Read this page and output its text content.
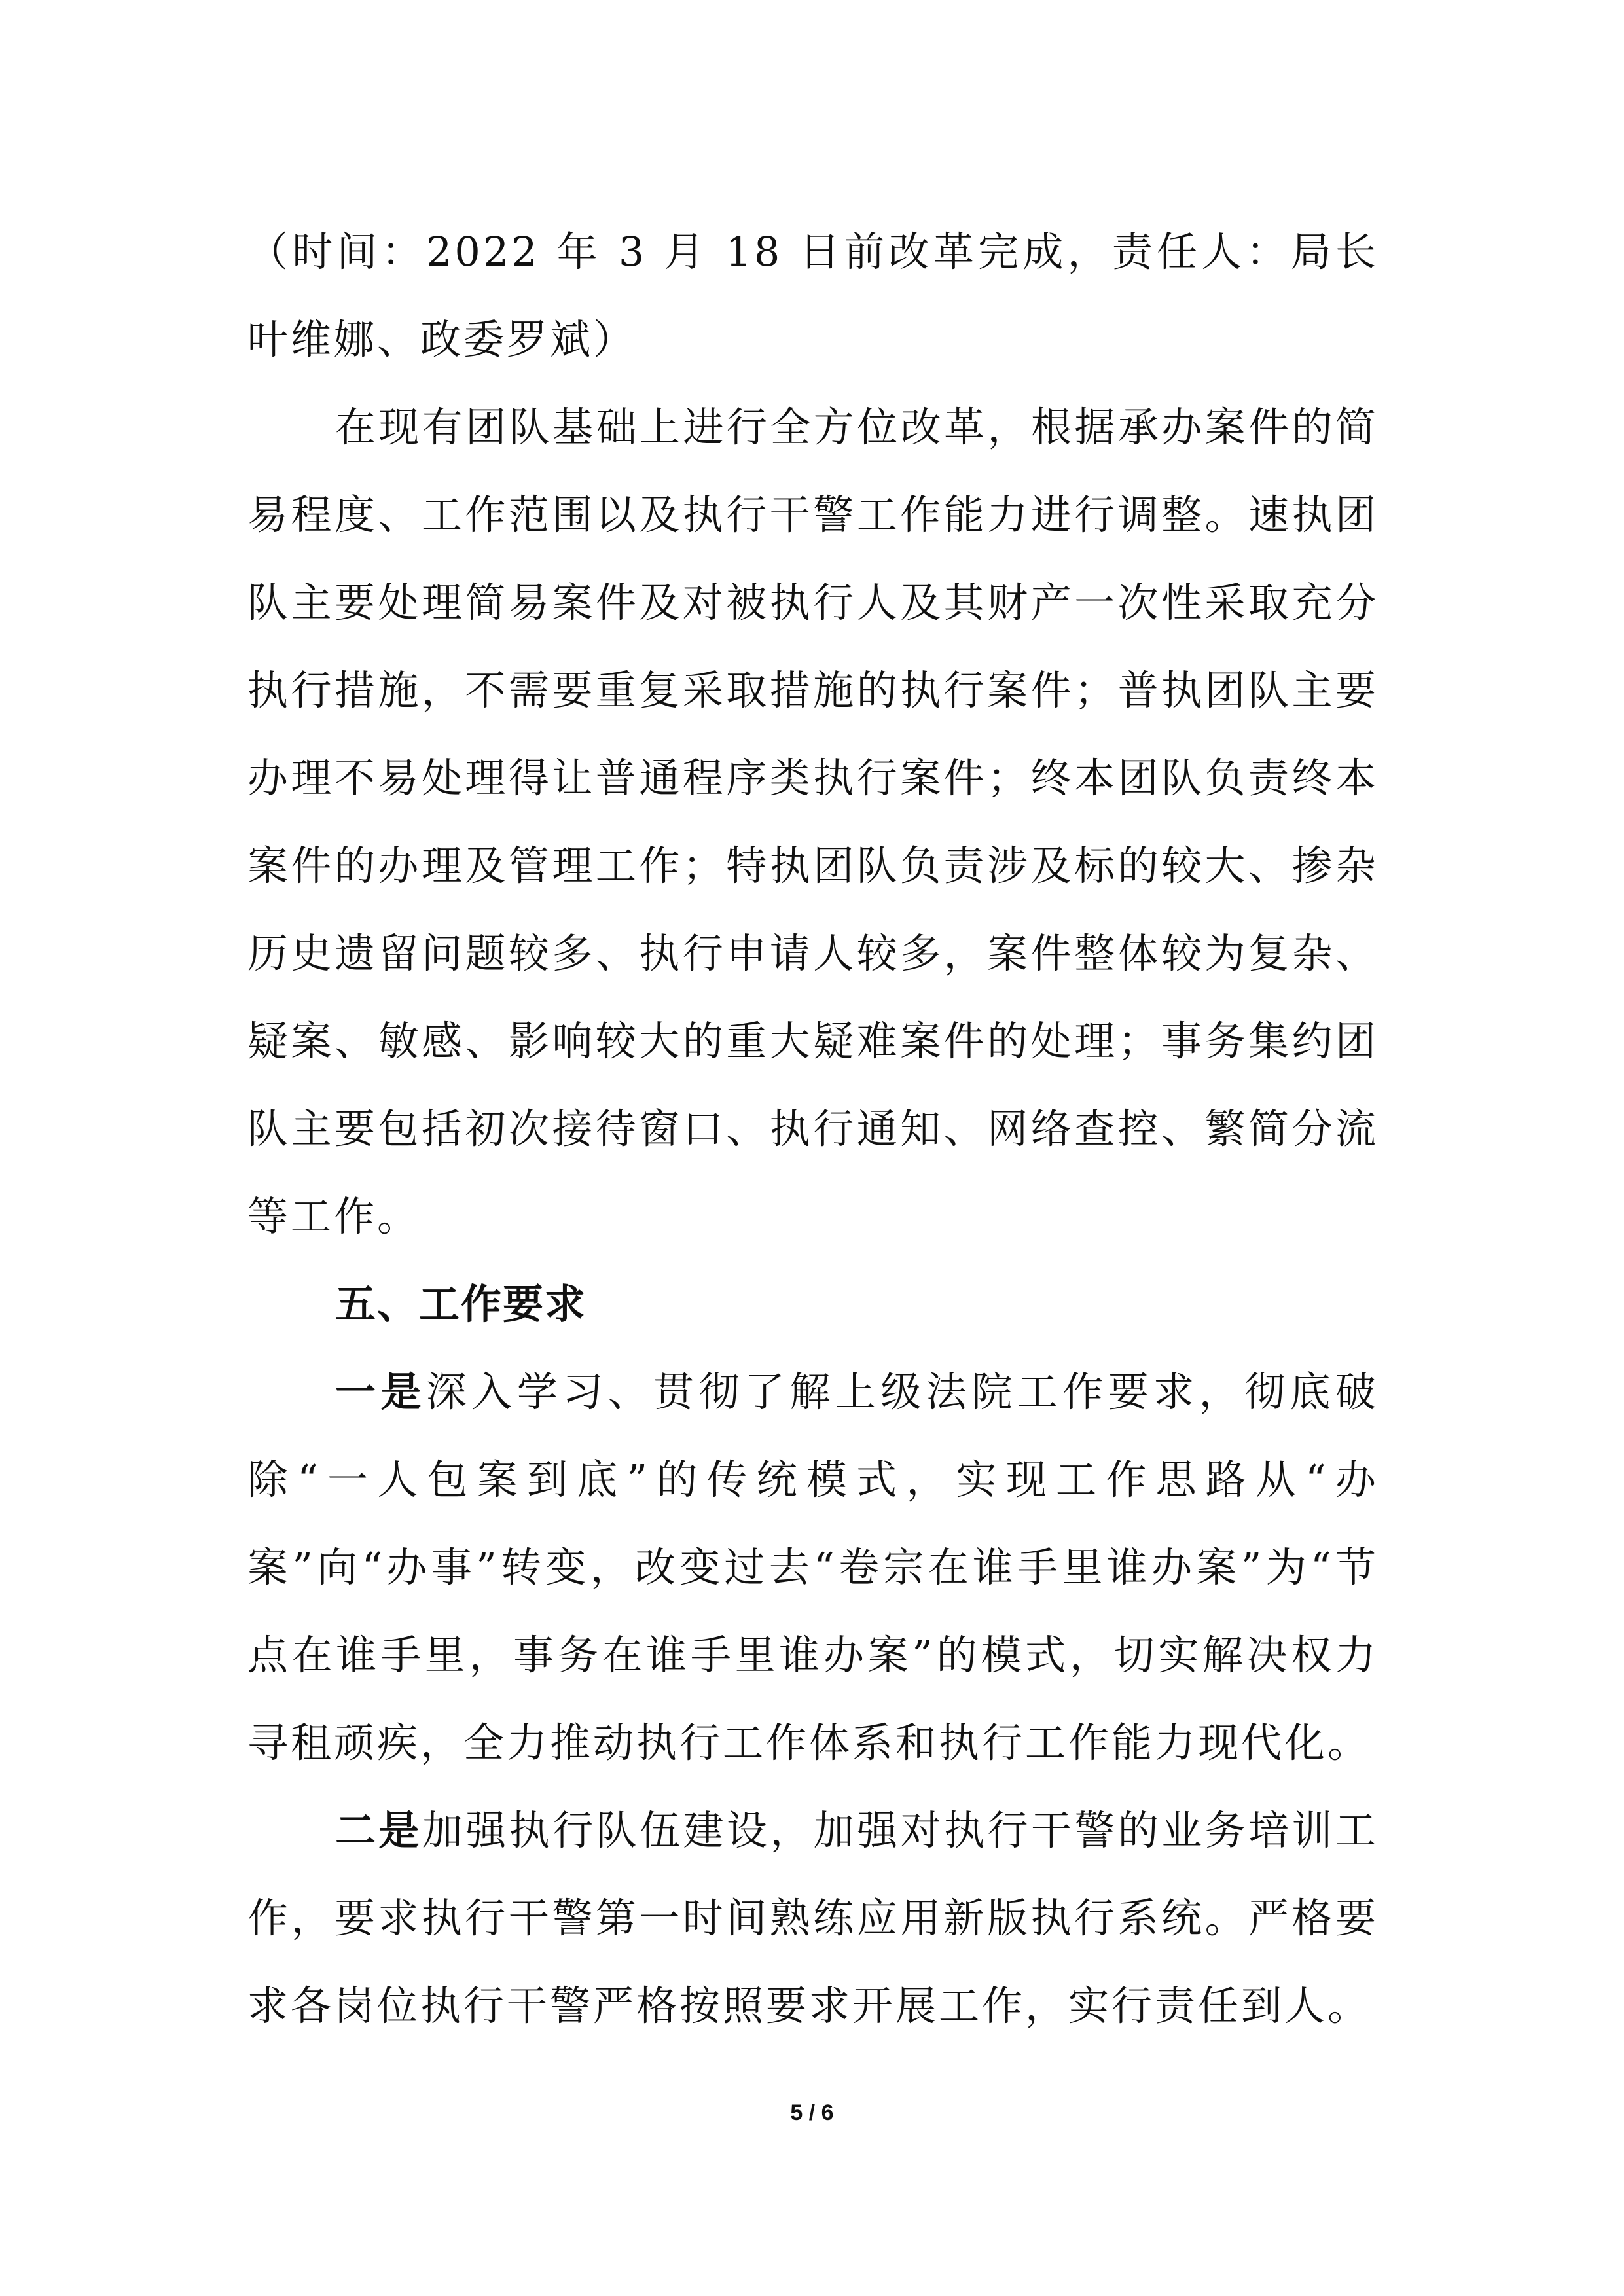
（时间：2022 年 3 月 18 日前改革完成，责任人：局长叶维娜、政委罗斌）

在现有团队基础上进行全方位改革，根据承办案件的简易程度、工作范围以及执行干警工作能力进行调整。速执团队主要处理简易案件及对被执行人及其财产一次性采取充分执行措施，不需要重复采取措施的执行案件；普执团队主要办理不易处理得让普通程序类执行案件；终本团队负责终本案件的办理及管理工作；特执团队负责涉及标的较大、掺杂历史遗留问题较多、执行申请人较多，案件整体较为复杂、疑案、敏感、影响较大的重大疑难案件的处理；事务集约团队主要包括初次接待窗口、执行通知、网络查控、繁简分流等工作。

五、工作要求

一是深入学习、贯彻了解上级法院工作要求，彻底破除“一人包案到底”的传统模式，实现工作思路从“办案”向“办事”转变，改变过去“卷宗在谁手里谁办案”为“节点在谁手里，事务在谁手里谁办案”的模式，切实解决权力寻租顽疾，全力推动执行工作体系和执行工作能力现代化。

二是加强执行队伍建设，加强对执行干警的业务培训工作，要求执行干警第一时间熟练应用新版执行系统。严格要求各岗位执行干警严格按照要求开展工作，实行责任到人。

5 / 6
